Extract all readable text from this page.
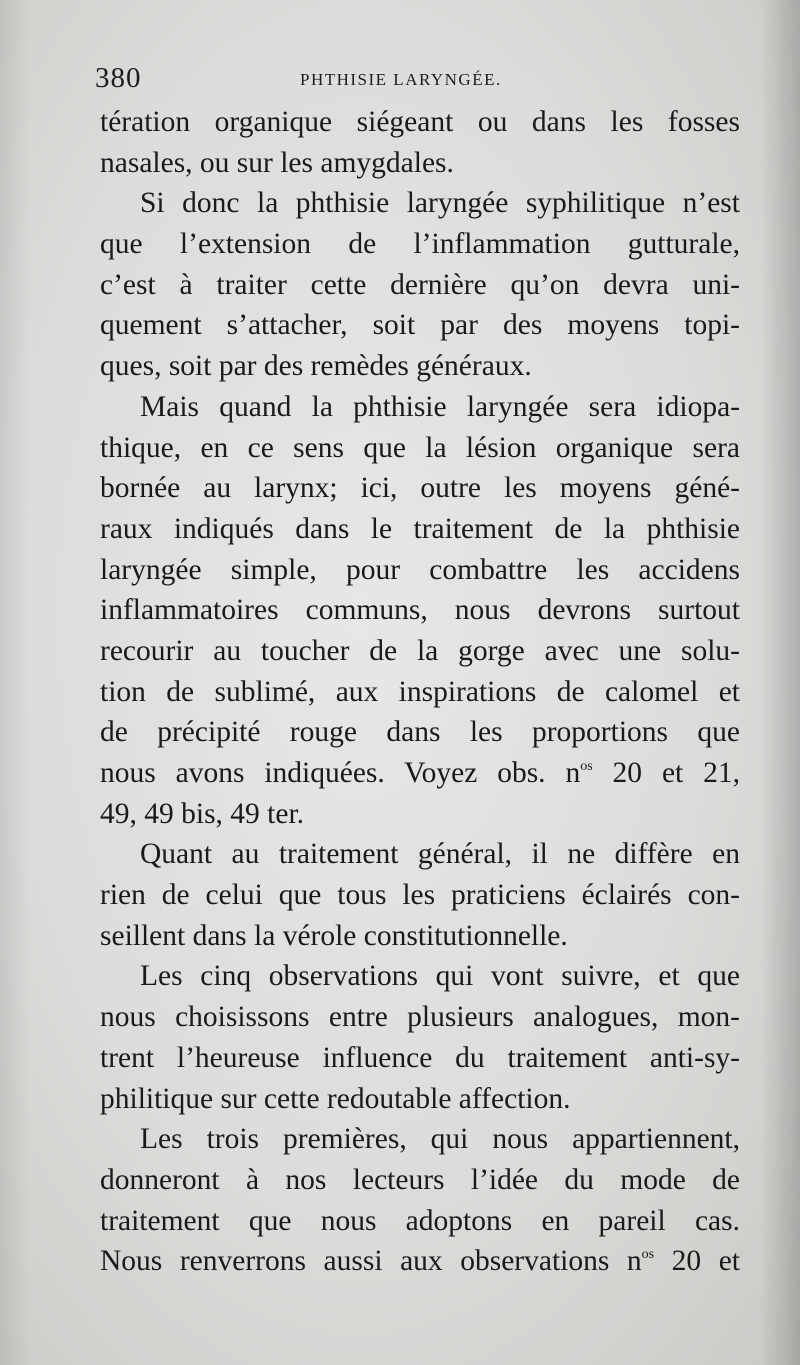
380	PHTHISIE LARYNGÉE.
tération organique siégeant ou dans les fosses
nasales, ou sur les amygdales.
Si donc la phthisie laryngée syphilitique n’est
que l’extension de l’inflammation gutturale,
c’est à traiter cette dernière qu’on devra uni-
quement s’attacher, soit par des moyens topi-
ques, soit par des remèdes généraux.
Mais quand la phthisie laryngée sera idiopa-
thique, en ce sens que la lésion organique sera
bornée au larynx; ici, outre les moyens géné-
raux indiqués dans le traitement de la phthisie
laryngée simple, pour combattre les accidens
inflammatoires communs, nous devrons surtout
recourir au toucher de la gorge avec une solu-
tion de sublimé, aux inspirations de calomel et
de précipité rouge dans les proportions que
nous avons indiquées. Voyez obs. $n^{os}$ 20 et 21,
49, 49 bis, 49 ter.
Quant au traitement général, il ne diffère en
rien de celui que tous les praticiens éclairés con-
seillent dans la vérole constitutionnelle.
Les cinq observations qui vont suivre, et que
nous choisissons entre plusieurs analogues, mon-
trent l’heureuse influence du traitement anti-sy-
philitique sur cette redoutable affection.
Les trois premières, qui nous appartiennent,
donneront à nos lecteurs l’idée du mode de
traitement que nous adoptons en pareil cas.
Nous renverrons aussi aux observations $n^{os}$ 20 et
